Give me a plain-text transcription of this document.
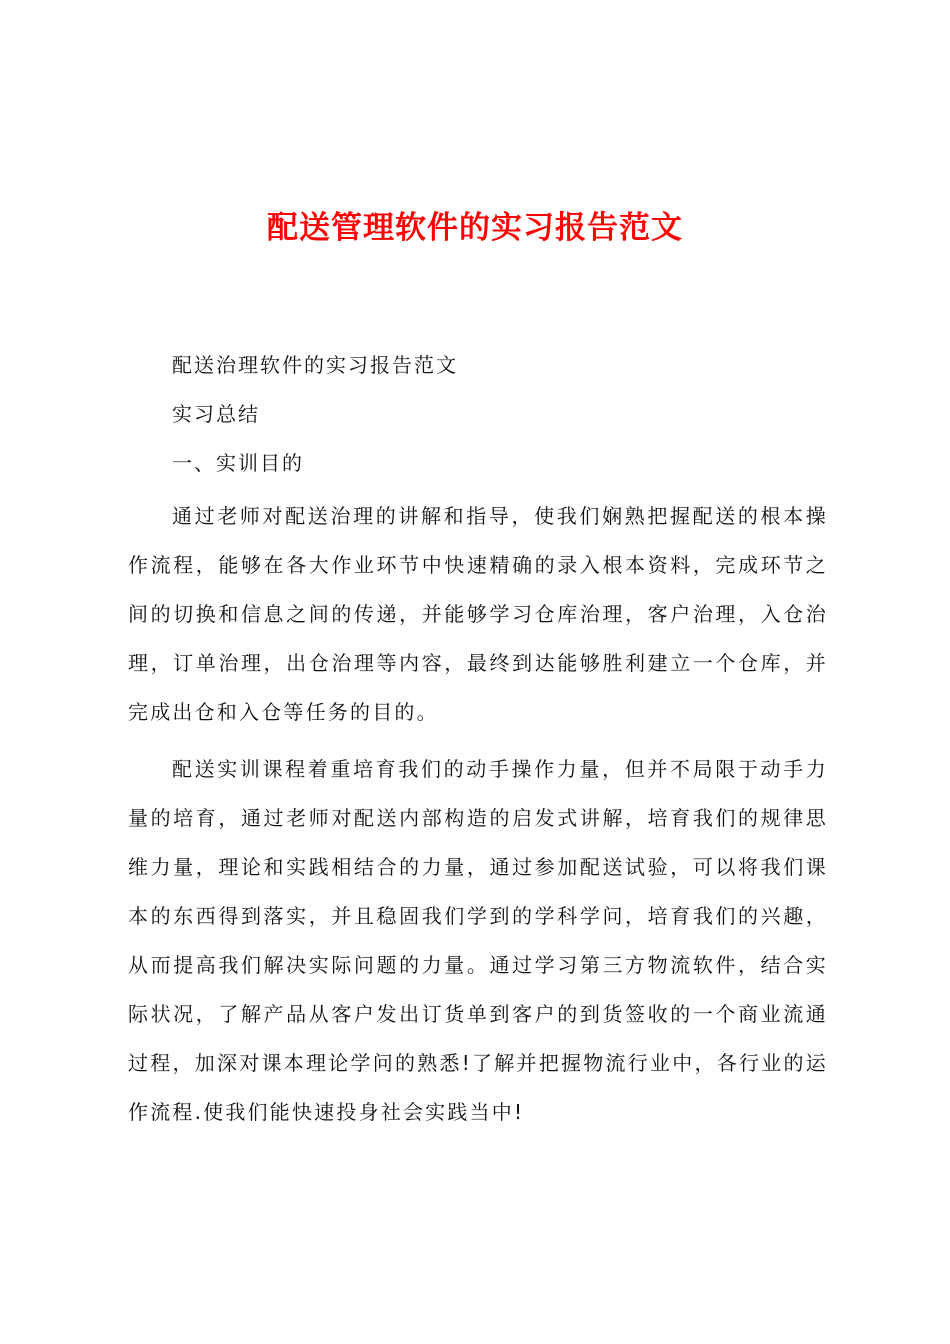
配送管理软件的实习报告范文

配送治理软件的实习报告范文

实习总结

一、实训目的

通过老师对配送治理的讲解和指导，使我们娴熟把握配送的根本操作流程，能够在各大作业环节中快速精确的录入根本资料，完成环节之间的切换和信息之间的传递，并能够学习仓库治理，客户治理，入仓治理，订单治理，出仓治理等内容，最终到达能够胜利建立一个仓库，并完成出仓和入仓等任务的目的。

配送实训课程着重培育我们的动手操作力量，但并不局限于动手力量的培育，通过老师对配送内部构造的启发式讲解，培育我们的规律思维力量，理论和实践相结合的力量，通过参加配送试验，可以将我们课本的东西得到落实，并且稳固我们学到的学科学问，培育我们的兴趣，从而提高我们解决实际问题的力量。通过学习第三方物流软件，结合实际状况，了解产品从客户发出订货单到客户的到货签收的一个商业流通过程，加深对课本理论学问的熟悉!了解并把握物流行业中，各行业的运作流程.使我们能快速投身社会实践当中!
